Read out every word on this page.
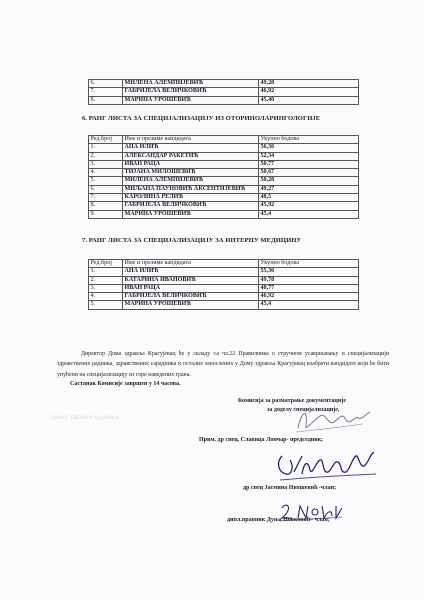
6.	МИЛЕНА АЛЕМПИЈЕВИЋ	49,28
7.	ГАБРИЈЕЛА ВЕЛИЧКОВИЋ	46,92
8.	МАРИНА УРОШЕВИЋ	45,40
6. РАНГ ЛИСТА ЗА СПЕЦИЈАЛИЗАЦИЈУ ИЗ ОТОРИНОЛАРИНГОЛОГИЈЕ
Ред.број	Име и презиме кандидата	Укупно бодова
1.	АНА ИЛИЋ	56,36
2.	АЛЕКСАНДАР РАКЕТИЋ	52,34
3.	ИВАН РАЦА	50,77
4.	ТИЈАНА МИЛОШЕВИЋ	50,67
5.	МИЛЕНА АЛЕМПИЈЕВИЋ	50,28
6.	МИЉАНА ПАУНОВИЋ АКСЕНТИЈЕВИЋ	49,27
7.	КАРОЛИНА РЕЛИЋ	48,5
8.	ГАБРИЈЕЛА ВЕЛИЧКОВИЋ	45,92
9.	МАРИНА УРОШЕВИЋ	45,4
7. РАНГ ЛИСТА ЗА СПЕЦИЈАЛИЗАЦИЈУ ЗА ИНТЕРНУ МЕДИЦИНУ
Ред.број	Име и презиме кандидата	Укупно бодова
1.	АНА ИЛИЋ	55,36
2.	КАТАРИНА ИВАНОВИЋ	49,78
3.	ИВАН РАЦА	48,77
4.	ГАБРИЈЕЛА ВЕЛИЧКОВИЋ	46,92
5.	МАРИНА УРОШЕВИЋ	45,4
Директор Дома здравља Крагујевац ће у складу са чл.22 Правилника о стручном усавршавању и специјализацији здравствених радника, здравствених сарадника и осталих запослених у Дому здравља Крагујевац изабрати кандидате који ће бити упућени на специјализацију из горе наведених грана.
Састанак Комисије завршен у 14 часова.
Комисија за разматрање документације
за доделу специјализације,
ЗДРАВСТВЕНИХ РАДНИКА
Прим. др спец. Славица Лончар- председник;
др спец Јасмина Ивошевић -члан;
дипл.правник Дуња Новковић– члан;
